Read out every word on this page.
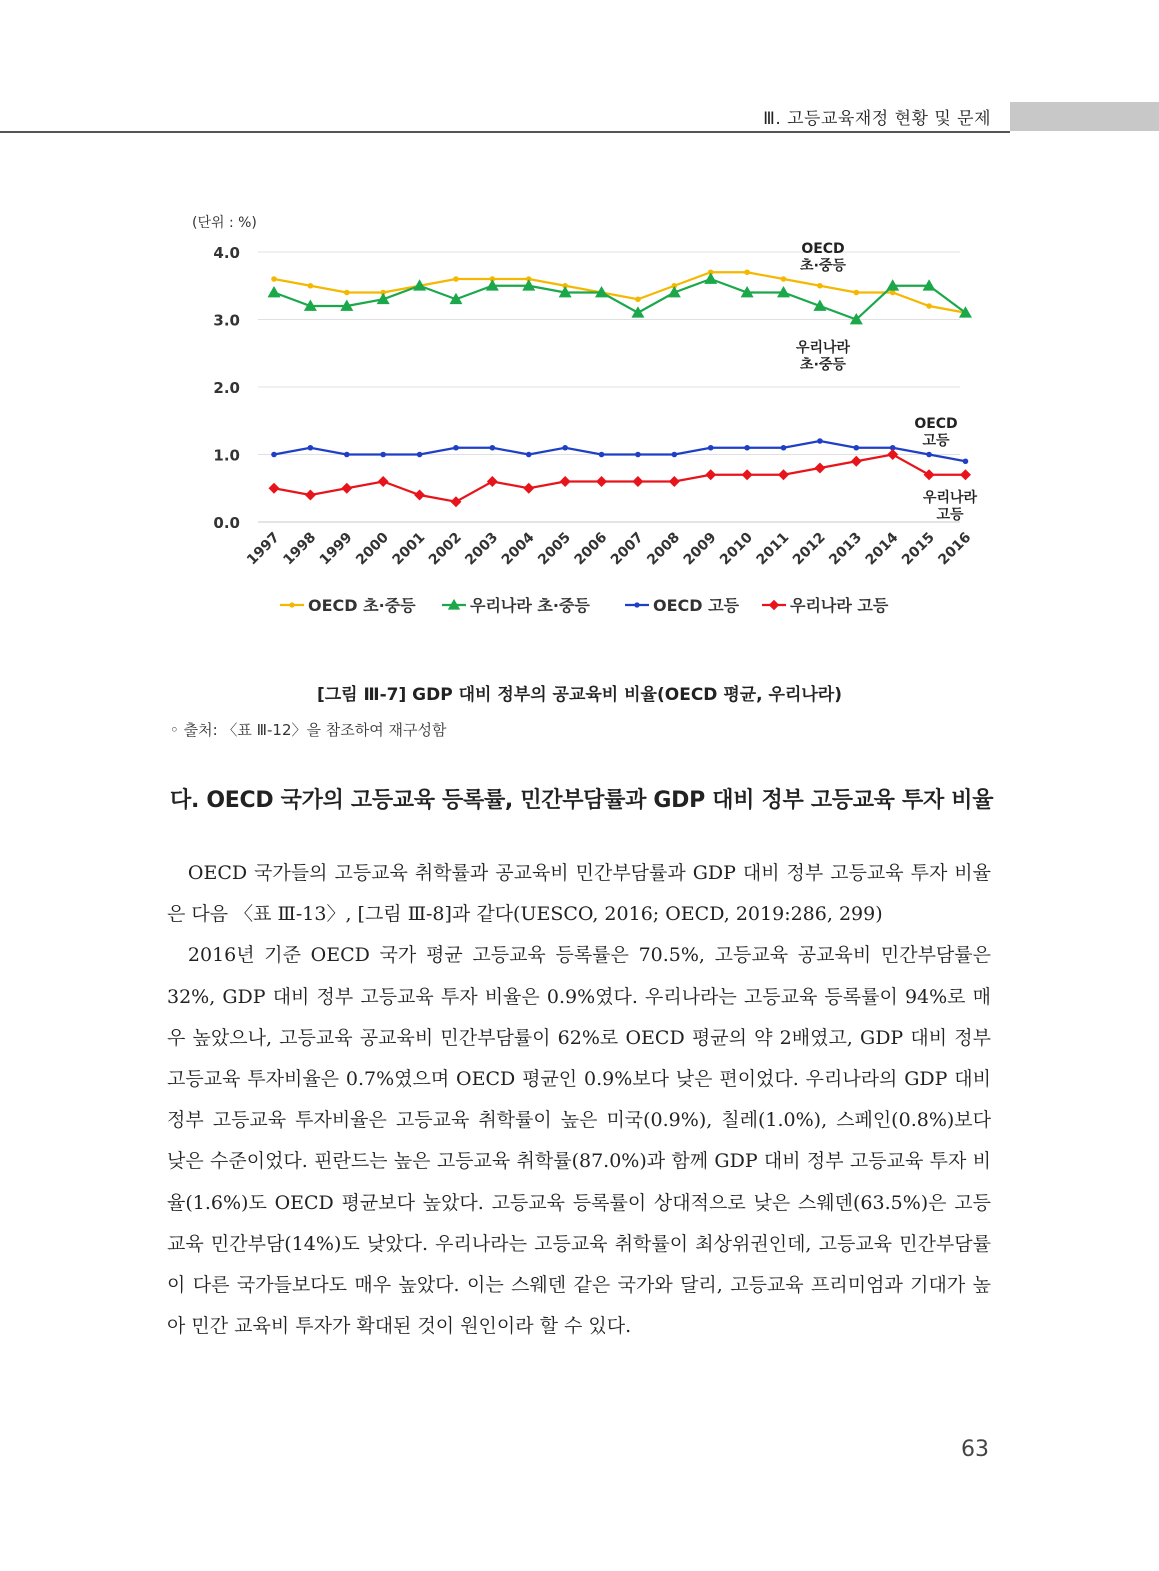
Ⅲ. 고등교육재정 현황 및 문제
(단위 : %)
0.0
1.0
2.0
3.0
4.0
1997
1998
1999
2000
2001
2002
2003
2004
2005
2006
2007
2008
2009
2010
2011
2012
2013
2014
2015
2016
OECD
초·중등
우리나라
초·중등
OECD
고등
우리나라
고등
OECD 초·중등	우리나라 초·중등	OECD 고등	우리나라 고등
[그림 Ⅲ-7] GDP 대비 정부의 공교육비 비율(OECD 평균, 우리나라)
◦ 출처: 〈표 Ⅲ-12〉을 참조하여 재구성함
다. OECD 국가의 고등교육 등록률, 민간부담률과 GDP 대비 정부 고등교육 투자 비율

OECD 국가들의 고등교육 취학률과 공교육비 민간부담률과 GDP 대비 정부 고등교육 투자 비율은 다음 〈표 Ⅲ-13〉, [그림 Ⅲ-8]과 같다(UESCO, 2016; OECD, 2019:286, 299)

2016년 기준 OECD 국가 평균 고등교육 등록률은 70.5%, 고등교육 공교육비 민간부담률은 32%, GDP 대비 정부 고등교육 투자 비율은 0.9%였다. 우리나라는 고등교육 등록률이 94%로 매우 높았으나, 고등교육 공교육비 민간부담률이 62%로 OECD 평균의 약 2배였고, GDP 대비 정부 고등교육 투자비율은 0.7%였으며 OECD 평균인 0.9%보다 낮은 편이었다. 우리나라의 GDP 대비 정부 고등교육 투자비율은 고등교육 취학률이 높은 미국(0.9%), 칠레(1.0%), 스페인(0.8%)보다 낮은 수준이었다. 핀란드는 높은 고등교육 취학률(87.0%)과 함께 GDP 대비 정부 고등교육 투자 비율(1.6%)도 OECD 평균보다 높았다. 고등교육 등록률이 상대적으로 낮은 스웨덴(63.5%)은 고등교육 민간부담(14%)도 낮았다. 우리나라는 고등교육 취학률이 최상위권인데, 고등교육 민간부담률이 다른 국가들보다도 매우 높았다. 이는 스웨덴 같은 국가와 달리, 고등교육 프리미엄과 기대가 높아 민간 교육비 투자가 확대된 것이 원인이라 할 수 있다.

63
